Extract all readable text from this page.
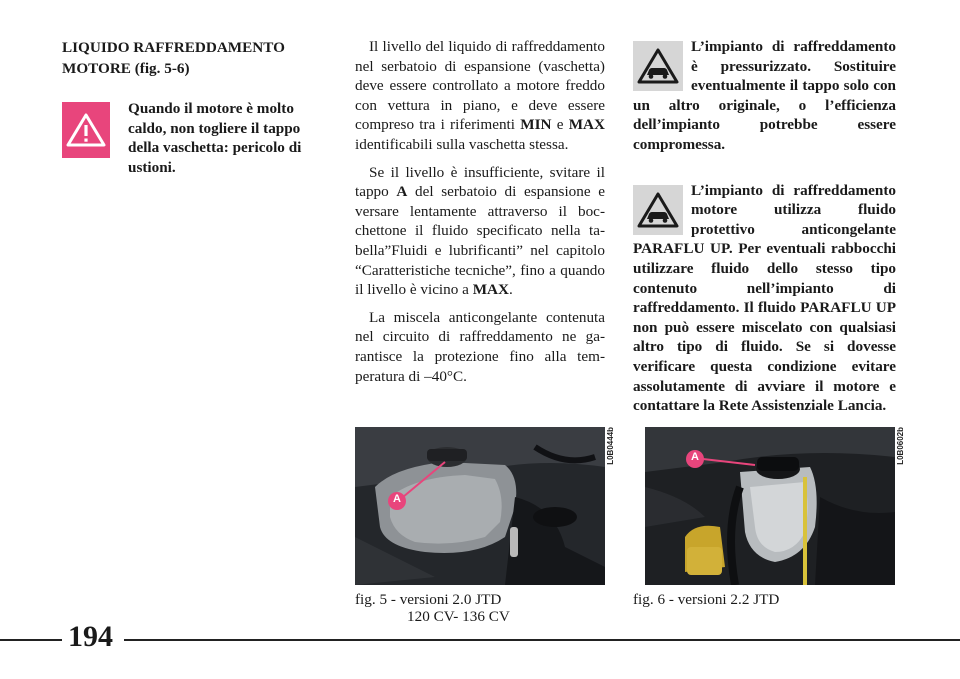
LIQUIDO RAFFREDDAMENTO
MOTORE (fig. 5-6)

Quando il motore è molto caldo, non togliere il tappo della vaschetta: pericolo di ustioni.

Il livello del liquido di raffreddamento nel serbatoio di espansione (vaschetta) deve essere controllato a motore freddo con vettura in piano, e deve essere compreso tra i riferimenti MIN e MAX identificabili sulla vaschetta stessa.

Se il livello è insufficiente, svitare il tappo A del serbatoio di espansione e versare lentamente attraverso il bocchettone il fluido specificato nella tabella”Fluidi e lubrificanti” nel capitolo “Caratteristiche tecniche”, fino a quando il livello è vicino a MAX.

La miscela anticongelante contenuta nel circuito di raffreddamento ne garantisce la protezione fino alla temperatura di –40°C.

L’impianto di raffreddamento è pressurizzato. Sostituire eventualmente il tappo solo con un altro originale, o l’efficienza dell’impianto potrebbe essere compromessa.

L’impianto di raffreddamento motore utilizza fluido protettivo anticongelante PARAFLU UP. Per eventuali rabbocchi utilizzare fluido dello stesso tipo contenuto nell’impianto di raffreddamento. Il fluido PARAFLU UP non può essere miscelato con qualsiasi altro tipo di fluido. Se si dovesse verificare questa condizione evitare assolutamente di avviare il motore e contattare la Rete Assistenziale Lancia.

A
L0B0444b	A	L0B0602b
fig. 5 - versioni 2.0 JTD
120 CV- 136 CV
fig. 6 - versioni 2.2 JTD
194
